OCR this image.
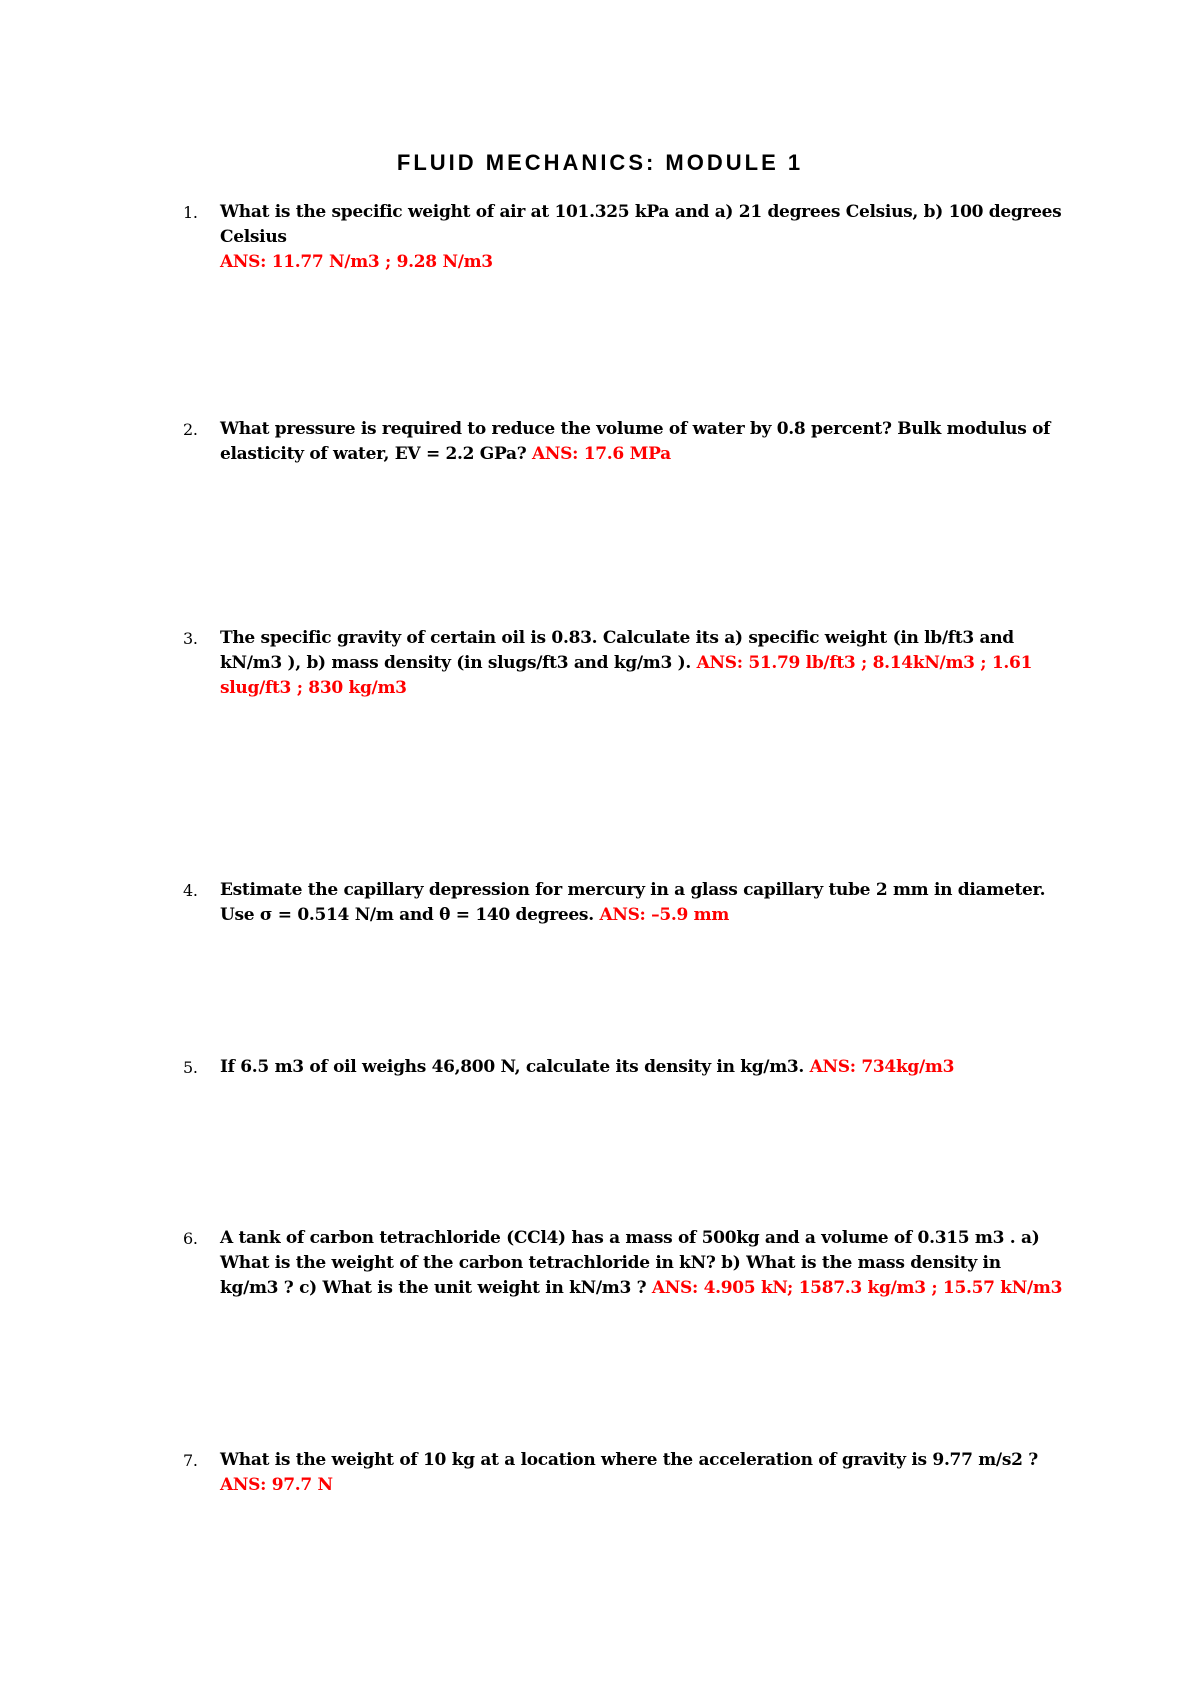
FLUID MECHANICS: MODULE 1
1. What is the specific weight of air at 101.325 kPa and a) 21 degrees Celsius, b) 100 degrees Celsius
ANS: 11.77 N/m3 ; 9.28 N/m3
2. What pressure is required to reduce the volume of water by 0.8 percent? Bulk modulus of elasticity of water, EV = 2.2 GPa? ANS: 17.6 MPa
3. The specific gravity of certain oil is 0.83. Calculate its a) specific weight (in lb/ft3 and kN/m3 ), b) mass density (in slugs/ft3 and kg/m3 ). ANS: 51.79 lb/ft3 ; 8.14kN/m3 ; 1.61 slug/ft3 ; 830 kg/m3
4. Estimate the capillary depression for mercury in a glass capillary tube 2 mm in diameter. Use σ = 0.514 N/m and θ = 140 degrees. ANS: –5.9 mm
5. If 6.5 m3 of oil weighs 46,800 N, calculate its density in kg/m3. ANS: 734kg/m3
6. A tank of carbon tetrachloride (CCl4) has a mass of 500kg and a volume of 0.315 m3 . a) What is the weight of the carbon tetrachloride in kN? b) What is the mass density in kg/m3 ? c) What is the unit weight in kN/m3 ? ANS: 4.905 kN; 1587.3 kg/m3 ; 15.57 kN/m3
7. What is the weight of 10 kg at a location where the acceleration of gravity is 9.77 m/s2 ? ANS: 97.7 N
